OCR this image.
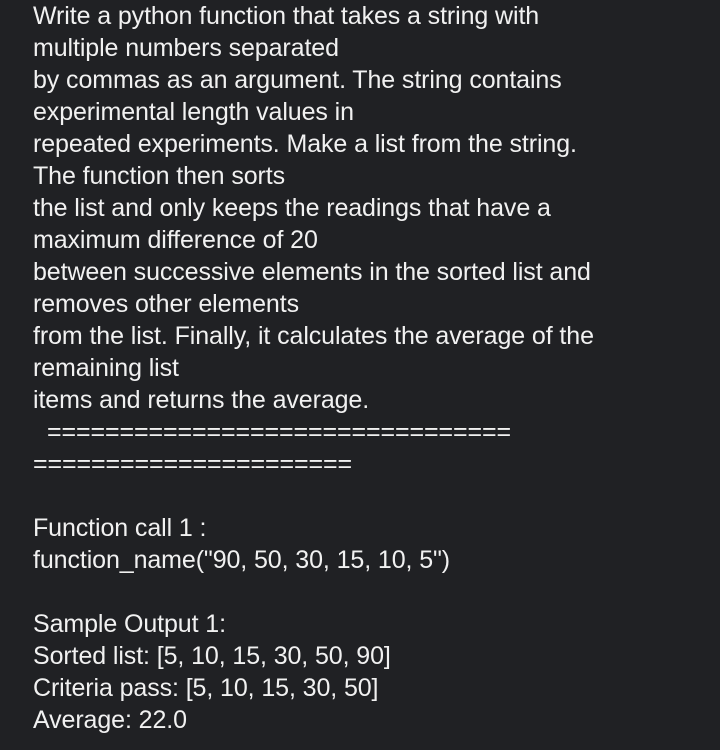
Write a python function that takes a string with
multiple numbers separated
by commas as an argument. The string contains
experimental length values in
repeated experiments. Make a list from the string.
The function then sorts
the list and only keeps the readings that have a
maximum difference of 20
between successive elements in the sorted list and
removes other elements
from the list. Finally, it calculates the average of the
remaining list
items and returns the average.
================================
======================
Function call 1 :
function_name("90, 50, 30, 15, 10, 5")
Sample Output 1:
Sorted list: [5, 10, 15, 30, 50, 90]
Criteria pass: [5, 10, 15, 30, 50]
Average: 22.0
